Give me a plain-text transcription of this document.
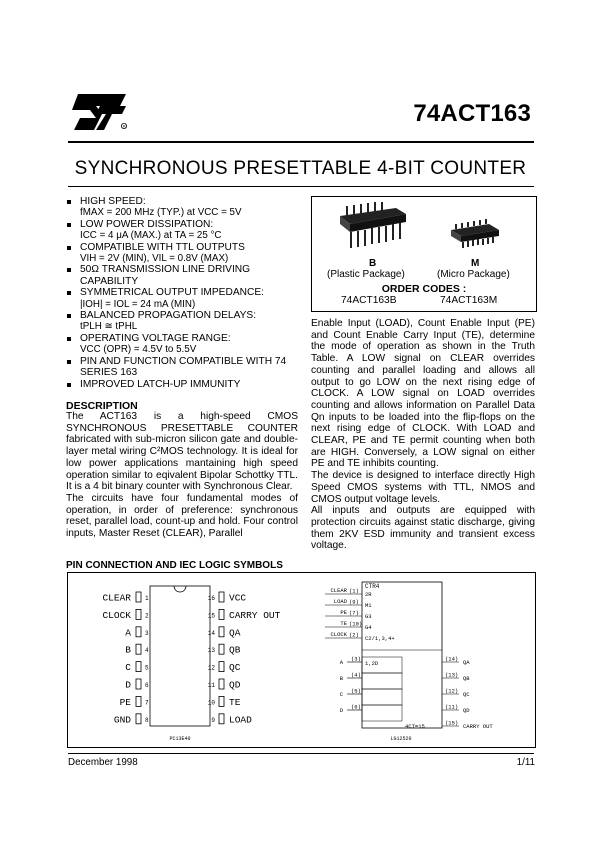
R	74ACT163
SYNCHRONOUS PRESETTABLE 4-BIT COUNTER
HIGH SPEED:
fMAX = 200 MHz (TYP.) at VCC = 5V
LOW POWER DISSIPATION:
ICC = 4 μA (MAX.) at TA = 25 °C
COMPATIBLE WITH TTL OUTPUTS
VIH = 2V (MIN), VIL = 0.8V (MAX)
50Ω TRANSMISSION LINE DRIVING CAPABILITY
SYMMETRICAL OUTPUT IMPEDANCE:
|IOH| = IOL = 24 mA (MIN)
BALANCED PROPAGATION DELAYS:
tPLH ≅ tPHL
OPERATING VOLTAGE RANGE:
VCC (OPR) = 4.5V to 5.5V
PIN AND FUNCTION COMPATIBLE WITH 74 SERIES 163
IMPROVED LATCH-UP IMMUNITY
DESCRIPTION

The ACT163 is a high-speed CMOS SYNCHRONOUS PRESETTABLE COUNTER fabricated with sub-micron silicon gate and double-layer metal wiring C²MOS technology. It is ideal for low power applications mantaining high speed operation similar to eqivalent Bipolar Schottky TTL. It is a 4 bit binary counter with Synchronous Clear.

The circuits have four fundamental modes of operation, in order of preference: synchronous reset, parallel load, count-up and hold. Four control inputs, Master Reset (CLEAR), Parallel

B	M
(Plastic Package)	(Micro Package)
ORDER CODES :
74ACT163B	74ACT163M

Enable Input (LOAD), Count Enable Input (PE) and Count Enable Carry Input (TE), determine the mode of operation as shown in the Truth Table. A LOW signal on CLEAR overrides counting and parallel loading and allows all output to go LOW on the next rising edge of CLOCK. A LOW signal on LOAD overrides counting and allows information on Parallel Data Qn inputs to be loaded into the flip-flops on the next rising edge of CLOCK. With LOAD and CLEAR, PE and TE permit counting when both are HIGH. Conversely, a LOW signal on either PE and TE inhibits counting.

The device is designed to interface directly High Speed CMOS systems with TTL, NMOS and CMOS output voltage levels.

All inputs and outputs are equipped with protection circuits against static discharge, giving them 2KV ESD immunity and transient excess voltage.

PIN CONNECTION AND IEC LOGIC SYMBOLS
CLEAR 1
CLOCK 2
A 3
B 4
C 5
D 6
PE 7
GND 8
16 VCC
15 CARRY OUT
14 QA
13 QB
12 QC
11 QD
10 TE
9 LOAD
PC13E40
CTR4
CLEAR (1) 2R
LOAD (9) M1
PE (7) G3
TE (10) G4
CLOCK (2) C2/1,3,4+
A (3)
B (4)
C (5)
D (6)
1,2D
(14) QA
(13) QB
(12) QC
(11) QD
(15) CARRY OUT
4CT=15
LG12520
December 1998	1/11
